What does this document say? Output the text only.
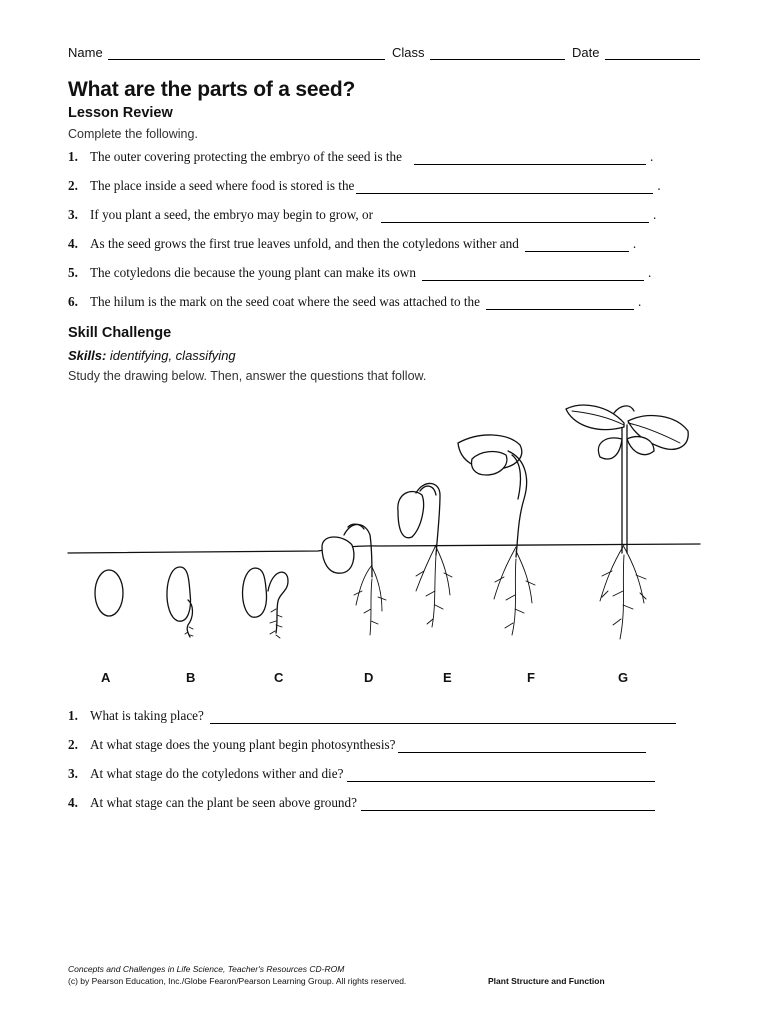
Name	Class	Date
What are the parts of a seed?
Lesson Review
Complete the following.
1. The outer covering protecting the embryo of the seed is the	.
2. The place inside a seed where food is stored is the	.
3. If you plant a seed, the embryo may begin to grow, or	.
4. As the seed grows the first true leaves unfold, and then the cotyledons wither and	.
5. The cotyledons die because the young plant can make its own	.
6. The hilum is the mark on the seed coat where the seed was attached to the	.
Skill Challenge
Skills: identifying, classifying
Study the drawing below. Then, answer the questions that follow.
A	B	C	D	E	F	G
1. What is taking place?
2. At what stage does the young plant begin photosynthesis?
3. At what stage do the cotyledons wither and die?
4. At what stage can the plant be seen above ground?
Concepts and Challenges in Life Science, Teacher's Resources CD-ROM
(c) by Pearson Education, Inc./Globe Fearon/Pearson Learning Group. All rights reserved.	Plant Structure and Function
